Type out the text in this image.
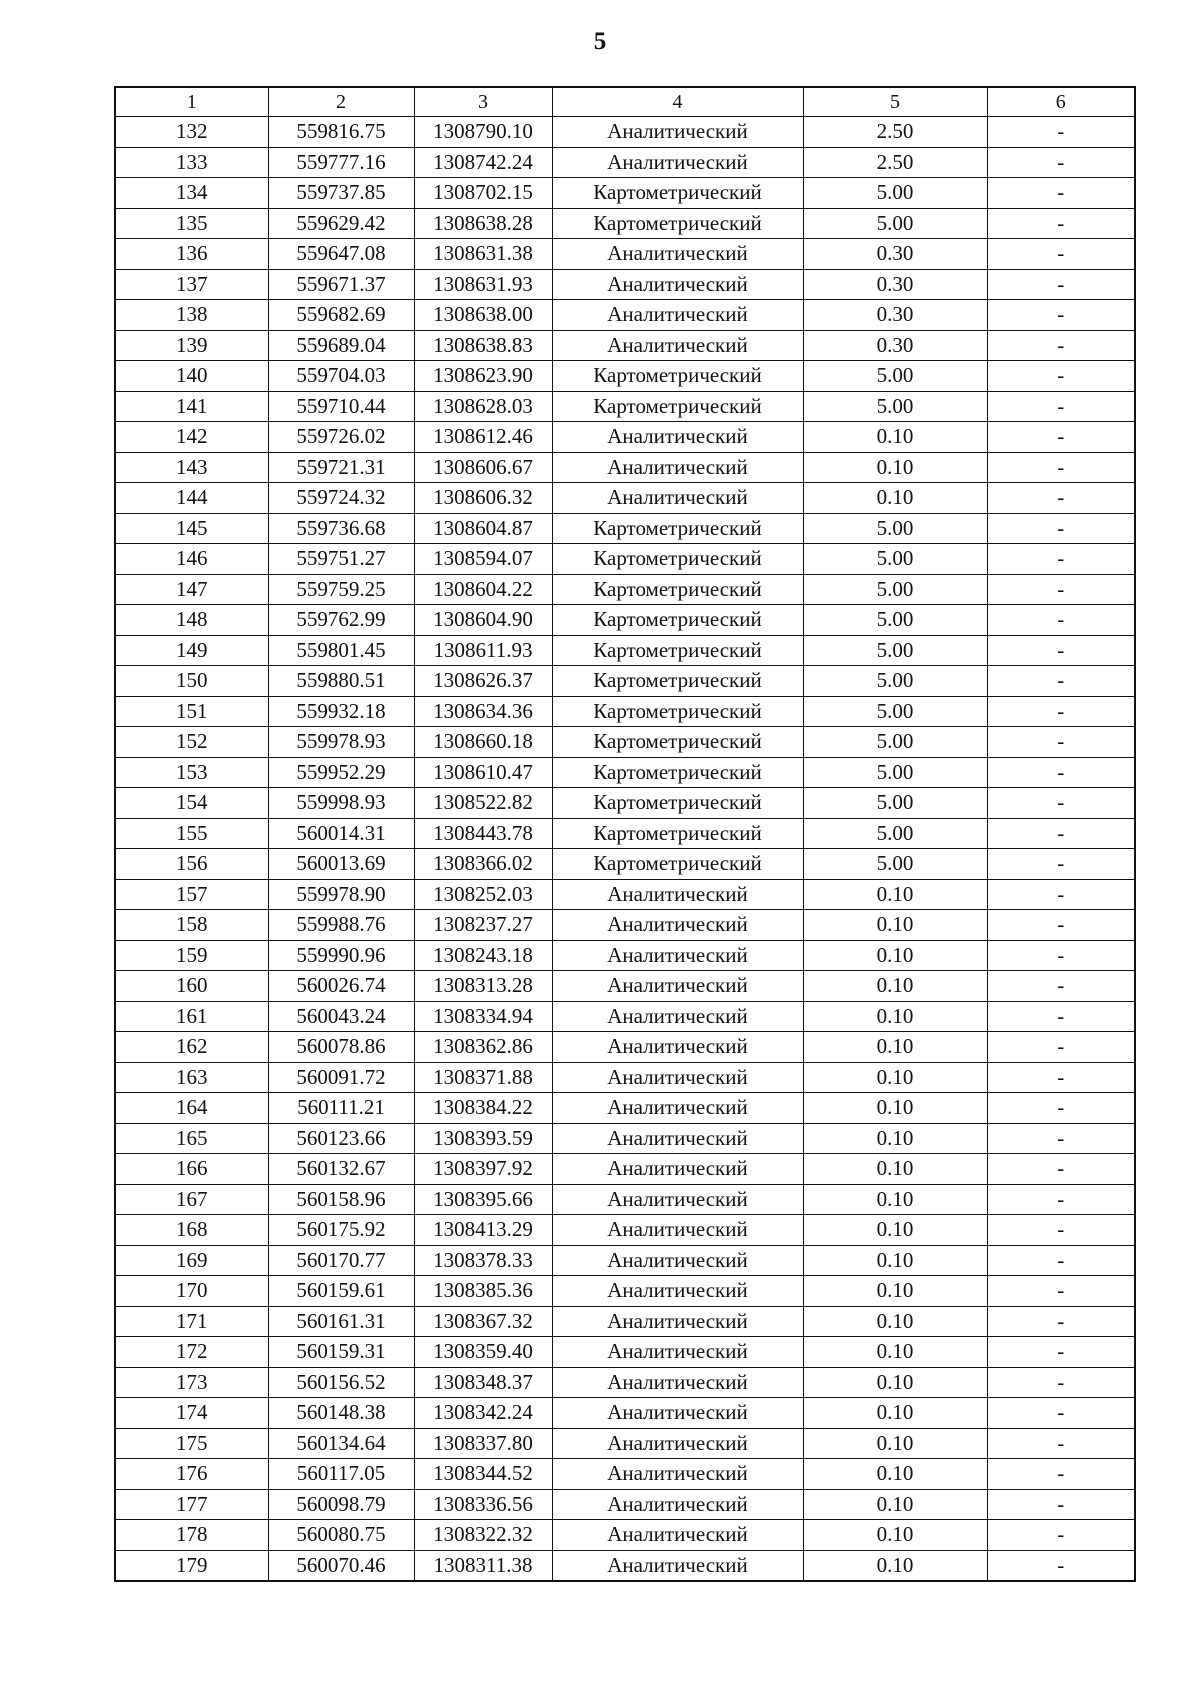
5
1	2	3	4	5	6
132	559816.75	1308790.10	Аналитический	2.50	-
133	559777.16	1308742.24	Аналитический	2.50	-
134	559737.85	1308702.15	Картометрический	5.00	-
135	559629.42	1308638.28	Картометрический	5.00	-
136	559647.08	1308631.38	Аналитический	0.30	-
137	559671.37	1308631.93	Аналитический	0.30	-
138	559682.69	1308638.00	Аналитический	0.30	-
139	559689.04	1308638.83	Аналитический	0.30	-
140	559704.03	1308623.90	Картометрический	5.00	-
141	559710.44	1308628.03	Картометрический	5.00	-
142	559726.02	1308612.46	Аналитический	0.10	-
143	559721.31	1308606.67	Аналитический	0.10	-
144	559724.32	1308606.32	Аналитический	0.10	-
145	559736.68	1308604.87	Картометрический	5.00	-
146	559751.27	1308594.07	Картометрический	5.00	-
147	559759.25	1308604.22	Картометрический	5.00	-
148	559762.99	1308604.90	Картометрический	5.00	-
149	559801.45	1308611.93	Картометрический	5.00	-
150	559880.51	1308626.37	Картометрический	5.00	-
151	559932.18	1308634.36	Картометрический	5.00	-
152	559978.93	1308660.18	Картометрический	5.00	-
153	559952.29	1308610.47	Картометрический	5.00	-
154	559998.93	1308522.82	Картометрический	5.00	-
155	560014.31	1308443.78	Картометрический	5.00	-
156	560013.69	1308366.02	Картометрический	5.00	-
157	559978.90	1308252.03	Аналитический	0.10	-
158	559988.76	1308237.27	Аналитический	0.10	-
159	559990.96	1308243.18	Аналитический	0.10	-
160	560026.74	1308313.28	Аналитический	0.10	-
161	560043.24	1308334.94	Аналитический	0.10	-
162	560078.86	1308362.86	Аналитический	0.10	-
163	560091.72	1308371.88	Аналитический	0.10	-
164	560111.21	1308384.22	Аналитический	0.10	-
165	560123.66	1308393.59	Аналитический	0.10	-
166	560132.67	1308397.92	Аналитический	0.10	-
167	560158.96	1308395.66	Аналитический	0.10	-
168	560175.92	1308413.29	Аналитический	0.10	-
169	560170.77	1308378.33	Аналитический	0.10	-
170	560159.61	1308385.36	Аналитический	0.10	-
171	560161.31	1308367.32	Аналитический	0.10	-
172	560159.31	1308359.40	Аналитический	0.10	-
173	560156.52	1308348.37	Аналитический	0.10	-
174	560148.38	1308342.24	Аналитический	0.10	-
175	560134.64	1308337.80	Аналитический	0.10	-
176	560117.05	1308344.52	Аналитический	0.10	-
177	560098.79	1308336.56	Аналитический	0.10	-
178	560080.75	1308322.32	Аналитический	0.10	-
179	560070.46	1308311.38	Аналитический	0.10	-
